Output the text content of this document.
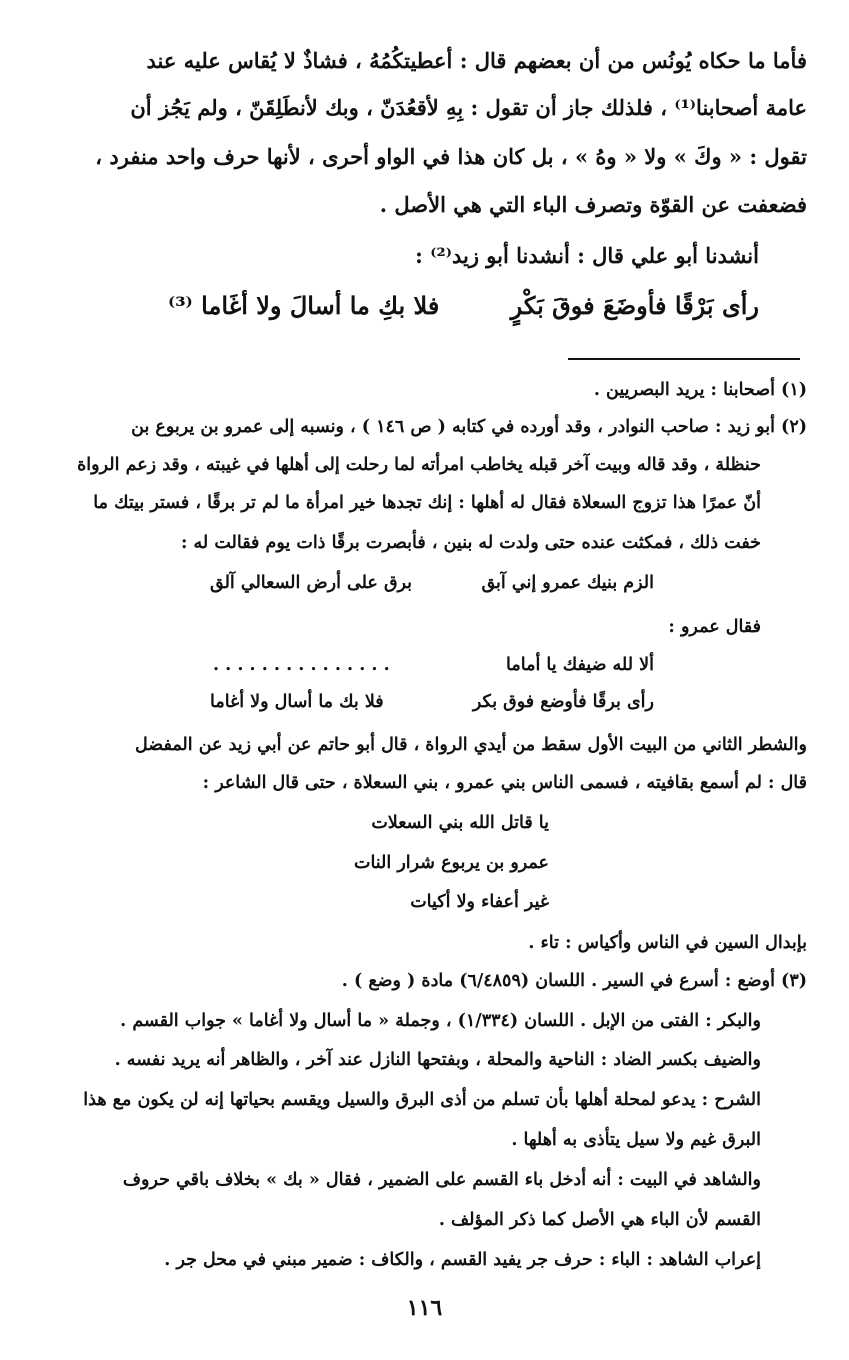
فأما ما حكاه يُونُس من أن بعضهم قال : أعطيتكُمُهُ ، فشاذٌ لا يُقاس عليه عند
عامة أصحابنا⁽¹⁾ ، فلذلك جاز أن تقول : بِهِ لأقعُدَنّ ، وبك لأنطَلِقَنّ ، ولم يَجُز أن
تقول : « وكَ » ولا « وهُ » ، بل كان هذا في الواو أحرى ، لأنها حرف واحد منفرد ،
فضعفت عن القوّة وتصرف الباء التي هي الأصل .
أنشدنا أبو علي قال : أنشدنا أبو زيد⁽²⁾ :
رأى بَرْقًا فأوضَعَ فوقَ بَكْرٍ
فلا بكِ ما أسالَ ولا أغَاما ⁽³⁾
(١) أصحابنا : يريد البصريين .
(٢) أبو زيد : صاحب النوادر ، وقد أورده في كتابه ( ص ١٤٦ ) ، ونسبه إلى عمرو بن يربوع بن
حنظلة ، وقد قاله وبيت آخر قبله يخاطب امرأته لما رحلت إلى أهلها في غيبته ، وقد زعم الرواة
أنّ عمرًا هذا تزوج السعلاة فقال له أهلها : إنك تجدها خير امرأة ما لم تر برقًا ، فستر بيتك ما
خفت ذلك ، فمكثت عنده حتى ولدت له بنين ، فأبصرت برقًا ذات يوم فقالت له :
الزم بنيك عمرو إني آبق
برق على أرض السعالي آلق
فقال عمرو :
ألا لله ضيفك يا أماما
. . . . . . . . . . . . . . .
رأى برقًا فأوضع فوق بكر
فلا بك ما أسال ولا أغاما
والشطر الثاني من البيت الأول سقط من أيدي الرواة ، قال أبو حاتم عن أبي زيد عن المفضل
قال : لم أسمع بقافيته ، فسمى الناس بني عمرو ، بني السعلاة ، حتى قال الشاعر :
يا قاتل الله بني السعلات
عمرو بن يربوع شرار النات
غير أعفاء ولا أكيات
بإبدال السين في الناس وأكياس : تاء .
(٣) أوضع : أسرع في السير . اللسان (٦/٤٨٥٩) مادة ( وضع ) .
والبكر : الفتى من الإبل . اللسان (١/٣٣٤) ، وجملة « ما أسال ولا أغاما » جواب القسم .
والضيف بكسر الضاد : الناحية والمحلة ، وبفتحها النازل عند آخر ، والظاهر أنه يريد نفسه .
الشرح : يدعو لمحلة أهلها بأن تسلم من أذى البرق والسيل ويقسم بحياتها إنه لن يكون مع هذا
البرق غيم ولا سيل يتأذى به أهلها .
والشاهد في البيت : أنه أدخل باء القسم على الضمير ، فقال « بك » بخلاف باقي حروف
القسم لأن الباء هي الأصل كما ذكر المؤلف .
إعراب الشاهد : الباء : حرف جر يفيد القسم ، والكاف : ضمير مبني في محل جر .
١١٦
